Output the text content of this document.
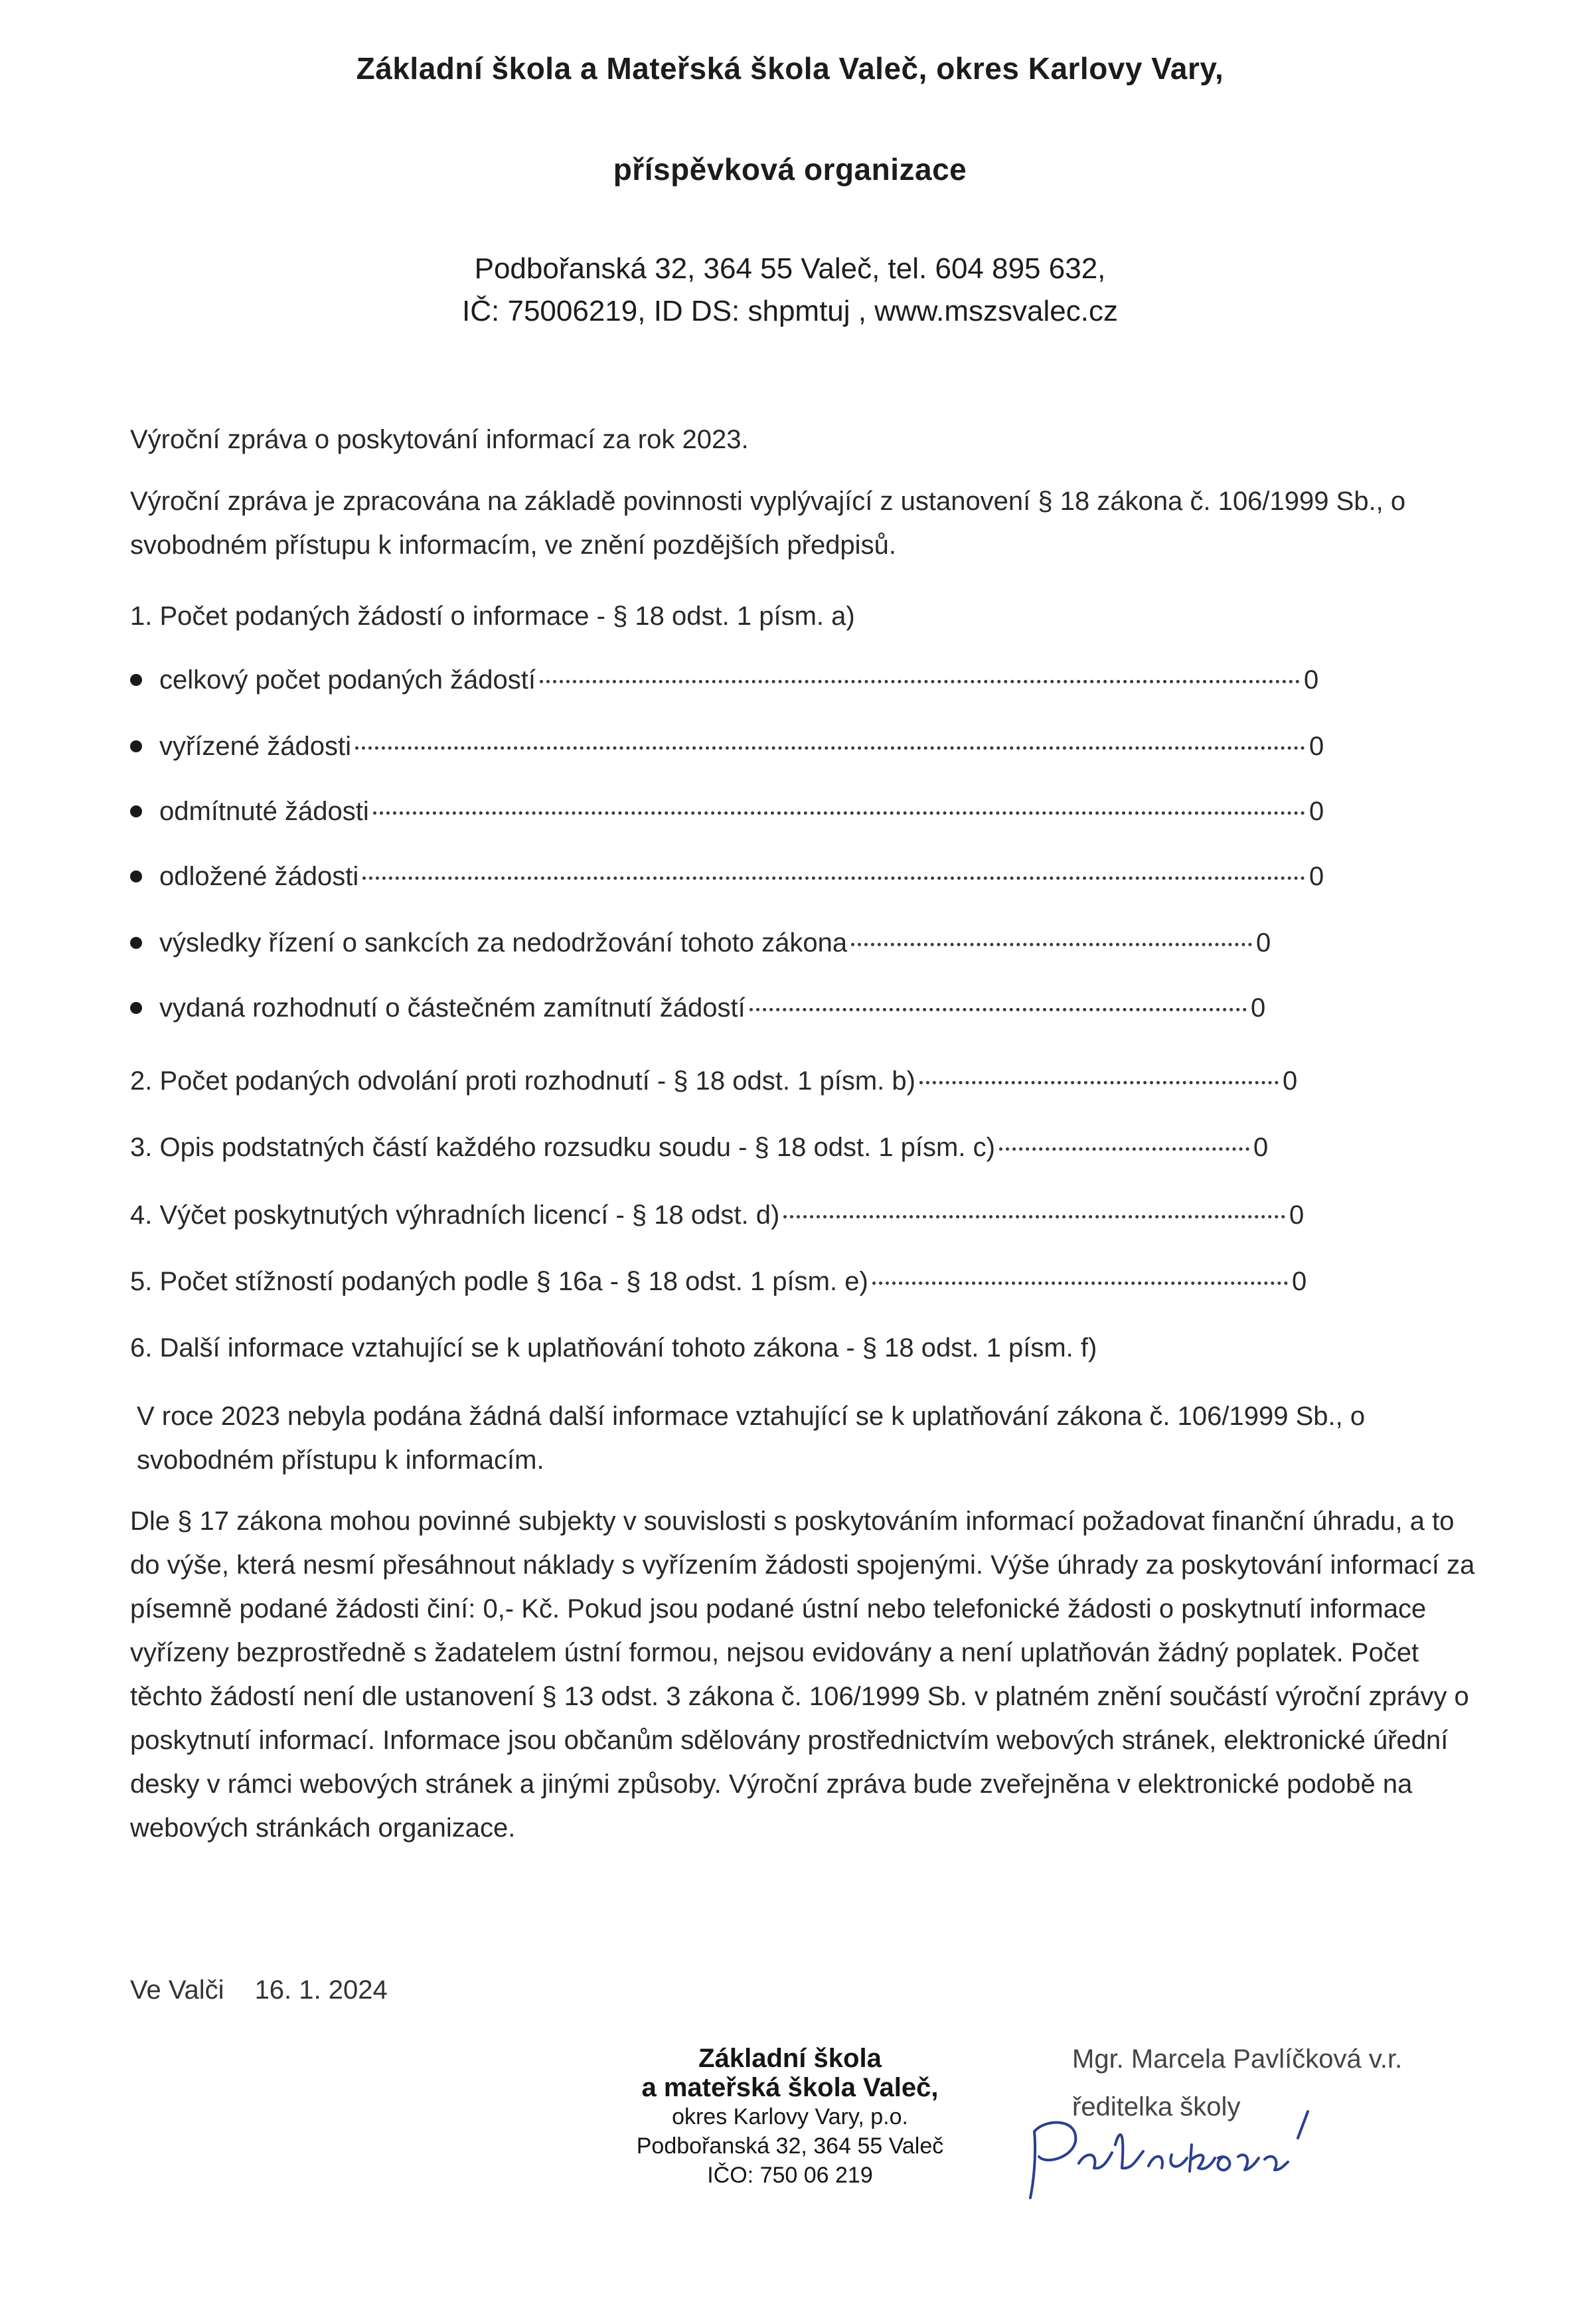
Základní škola a Mateřská škola Valeč, okres Karlovy Vary,
příspěvková organizace
Podbořanská 32, 364 55 Valeč, tel. 604 895 632,
IČ: 75006219, ID DS: shpmtuj , www.mszsvalec.cz
Výroční zpráva o poskytování informací za rok 2023.
Výroční zpráva je zpracována na základě povinnosti vyplývající z ustanovení § 18 zákona č. 106/1999 Sb., o svobodném přístupu k informacím, ve znění pozdějších předpisů.
1. Počet podaných žádostí o informace - § 18 odst. 1 písm. a)
celkový počet podaných žádostí	0
vyřízené žádosti	0
odmítnuté žádosti	0
odložené žádosti	0
výsledky řízení o sankcích za nedodržování tohoto zákona	0
vydaná rozhodnutí o částečném zamítnutí žádostí	0
2. Počet podaných odvolání proti rozhodnutí - § 18 odst. 1 písm. b)	0
3. Opis podstatných částí každého rozsudku soudu - § 18 odst. 1 písm. c)	0
4. Výčet poskytnutých výhradních licencí - § 18 odst. d)	0
5. Počet stížností podaných podle § 16a - § 18 odst. 1 písm. e)	0
6. Další informace vztahující se k uplatňování tohoto zákona - § 18 odst. 1 písm. f)
V roce 2023 nebyla podána žádná další informace vztahující se k uplatňování zákona č. 106/1999 Sb., o svobodném přístupu k informacím.
Dle § 17 zákona mohou povinné subjekty v souvislosti s poskytováním informací požadovat finanční úhradu, a to do výše, která nesmí přesáhnout náklady s vyřízením žádosti spojenými. Výše úhrady za poskytování informací za písemně podané žádosti činí: 0,- Kč. Pokud jsou podané ústní nebo telefonické žádosti o poskytnutí informace vyřízeny bezprostředně s žadatelem ústní formou, nejsou evidovány a není uplatňován žádný poplatek. Počet těchto žádostí není dle ustanovení § 13 odst. 3 zákona č. 106/1999 Sb. v platném znění součástí výroční zprávy o poskytnutí informací. Informace jsou občanům sdělovány prostřednictvím webových stránek, elektronické úřední desky v rámci webových stránek a jinými způsoby. Výroční zpráva bude zveřejněna v elektronické podobě na webových stránkách organizace.
Ve Valči 16. 1. 2024
Základní škola
a mateřská škola Valeč,
okres Karlovy Vary, p.o.
Podbořanská 32, 364 55 Valeč
IČO: 750 06 219
Mgr. Marcela Pavlíčková v.r.
ředitelka školy
